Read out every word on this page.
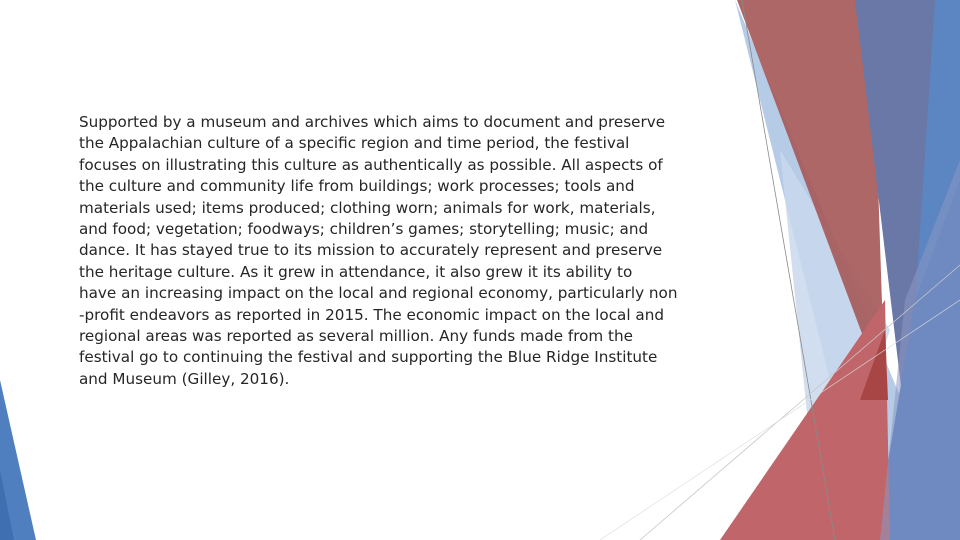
Supported by a museum and archives which aims to document and preserve
the Appalachian culture of a specific region and time period, the festival
focuses on illustrating this culture as authentically as possible. All aspects of
the culture and community life from buildings; work processes; tools and
materials used; items produced; clothing worn; animals for work, materials,
and food; vegetation; foodways; children’s games; storytelling; music; and
dance. It has stayed true to its mission to accurately represent and preserve
the heritage culture. As it grew in attendance, it also grew it its ability to
have an increasing impact on the local and regional economy, particularly non
-profit endeavors as reported in 2015. The economic impact on the local and
regional areas was reported as several million. Any funds made from the
festival go to continuing the festival and supporting the Blue Ridge Institute
and Museum (Gilley, 2016).
